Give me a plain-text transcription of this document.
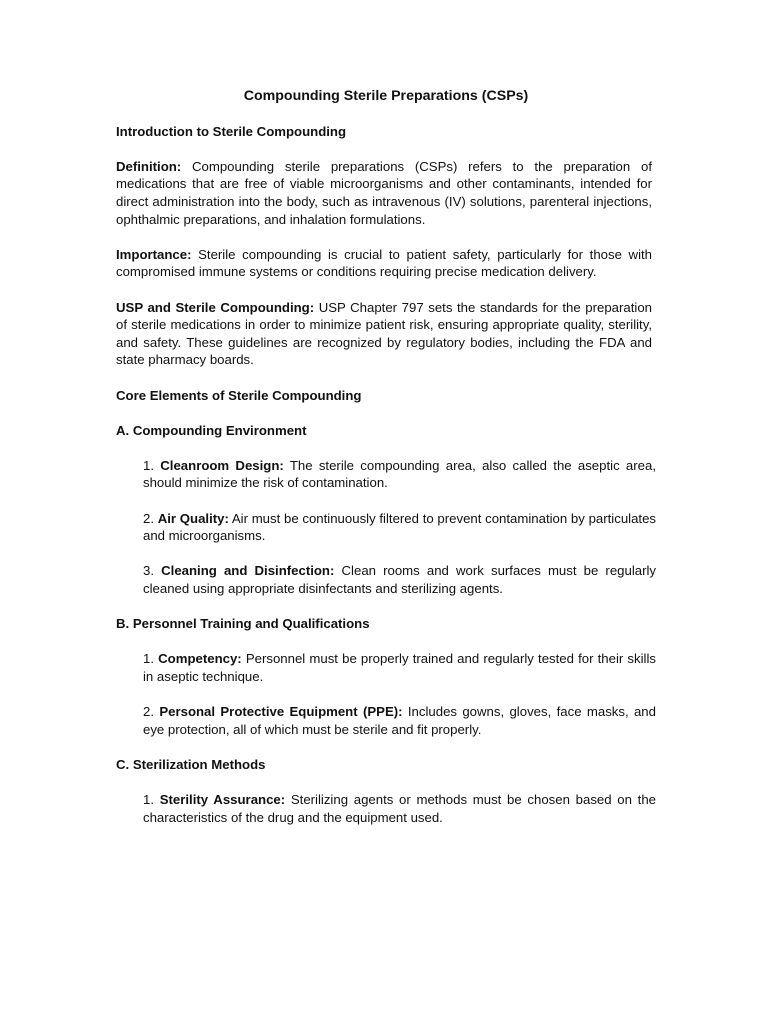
Compounding Sterile Preparations (CSPs)
Introduction to Sterile Compounding
Definition: Compounding sterile preparations (CSPs) refers to the preparation of medications that are free of viable microorganisms and other contaminants, intended for direct administration into the body, such as intravenous (IV) solutions, parenteral injections, ophthalmic preparations, and inhalation formulations.
Importance: Sterile compounding is crucial to patient safety, particularly for those with compromised immune systems or conditions requiring precise medication delivery.
USP and Sterile Compounding: USP Chapter 797 sets the standards for the preparation of sterile medications in order to minimize patient risk, ensuring appropriate quality, sterility, and safety. These guidelines are recognized by regulatory bodies, including the FDA and state pharmacy boards.
Core Elements of Sterile Compounding
A. Compounding Environment
1. Cleanroom Design: The sterile compounding area, also called the aseptic area, should minimize the risk of contamination.
2. Air Quality: Air must be continuously filtered to prevent contamination by particulates and microorganisms.
3. Cleaning and Disinfection: Clean rooms and work surfaces must be regularly cleaned using appropriate disinfectants and sterilizing agents.
B. Personnel Training and Qualifications
1. Competency: Personnel must be properly trained and regularly tested for their skills in aseptic technique.
2. Personal Protective Equipment (PPE): Includes gowns, gloves, face masks, and eye protection, all of which must be sterile and fit properly.
C. Sterilization Methods
1. Sterility Assurance: Sterilizing agents or methods must be chosen based on the characteristics of the drug and the equipment used.
